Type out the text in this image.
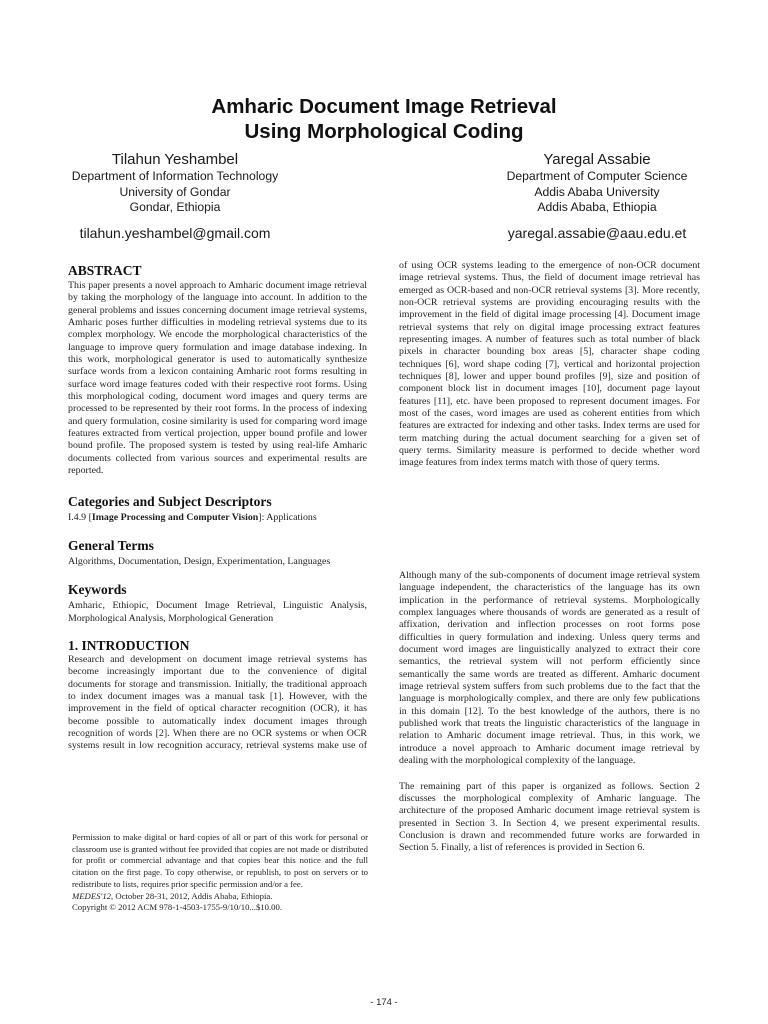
Amharic Document Image Retrieval
Using Morphological Coding
Tilahun Yeshambel
Department of Information Technology
University of Gondar
Gondar, Ethiopia
tilahun.yeshambel@gmail.com
Yaregal Assabie
Department of Computer Science
Addis Ababa University
Addis Ababa, Ethiopia
yaregal.assabie@aau.edu.et
ABSTRACT

This paper presents a novel approach to Amharic document image retrieval by taking the morphology of the language into account. In addition to the general problems and issues concerning document image retrieval systems, Amharic poses further difficulties in modeling retrieval systems due to its complex morphology. We encode the morphological characteristics of the language to improve query formulation and image database indexing. In this work, morphological generator is used to automatically synthesize surface words from a lexicon containing Amharic root forms resulting in surface word image features coded with their respective root forms. Using this morphological coding, document word images and query terms are processed to be represented by their root forms. In the process of indexing and query formulation, cosine similarity is used for comparing word image features extracted from vertical projection, upper bound profile and lower bound profile. The proposed system is tested by using real-life Amharic documents collected from various sources and experimental results are reported.

Categories and Subject Descriptors
I.4.9 [Image Processing and Computer Vision]: Applications
General Terms

Algorithms, Documentation, Design, Experimentation, Languages

Keywords

Amharic, Ethiopic, Document Image Retrieval, Linguistic Analysis, Morphological Analysis, Morphological Generation

1. INTRODUCTION

Research and development on document image retrieval systems has become increasingly important due to the convenience of digital documents for storage and transmission. Initially, the traditional approach to index document images was a manual task [1]. However, with the improvement in the field of optical character recognition (OCR), it has become possible to automatically index document images through recognition of words [2]. When there are no OCR systems or when OCR systems result in low recognition accuracy, retrieval systems make use of

Permission to make digital or hard copies of all or part of this work for personal or classroom use is granted without fee provided that copies are not made or distributed for profit or commercial advantage and that copies bear this notice and the full citation on the first page. To copy otherwise, or republish, to post on servers or to redistribute to lists, requires prior specific permission and/or a fee.
MEDES'12, October 28-31, 2012, Addis Ababa, Ethiopia.
Copyright © 2012 ACM 978-1-4503-1755-9/10/10...$10.00.

of using OCR systems leading to the emergence of non-OCR document image retrieval systems. Thus, the field of document image retrieval has emerged as OCR-based and non-OCR retrieval systems [3]. More recently, non-OCR retrieval systems are providing encouraging results with the improvement in the field of digital image processing [4]. Document image retrieval systems that rely on digital image processing extract features representing images. A number of features such as total number of black pixels in character bounding box areas [5], character shape coding techniques [6], word shape coding [7], vertical and horizontal projection techniques [8], lower and upper bound profiles [9], size and position of component block list in document images [10], document page layout features [11], etc. have been proposed to represent document images. For most of the cases, word images are used as coherent entities from which features are extracted for indexing and other tasks. Index terms are used for term matching during the actual document searching for a given set of query terms. Similarity measure is performed to decide whether word image features from index terms match with those of query terms.

Although many of the sub-components of document image retrieval system language independent, the characteristics of the language has its own implication in the performance of retrieval systems. Morphologically complex languages where thousands of words are generated as a result of affixation, derivation and inflection processes on root forms pose difficulties in query formulation and indexing. Unless query terms and document word images are linguistically analyzed to extract their core semantics, the retrieval system will not perform efficiently since semantically the same words are treated as different. Amharic document image retrieval system suffers from such problems due to the fact that the language is morphologically complex, and there are only few publications in this domain [12]. To the best knowledge of the authors, there is no published work that treats the linguistic characteristics of the language in relation to Amharic document image retrieval. Thus, in this work, we introduce a novel approach to Amharic document image retrieval by dealing with the morphological complexity of the language.

The remaining part of this paper is organized as follows. Section 2 discusses the morphological complexity of Amharic language. The architecture of the proposed Amharic document image retrieval system is presented in Section 3. In Section 4, we present experimental results. Conclusion is drawn and recommended future works are forwarded in Section 5. Finally, a list of references is provided in Section 6.

- 174 -
